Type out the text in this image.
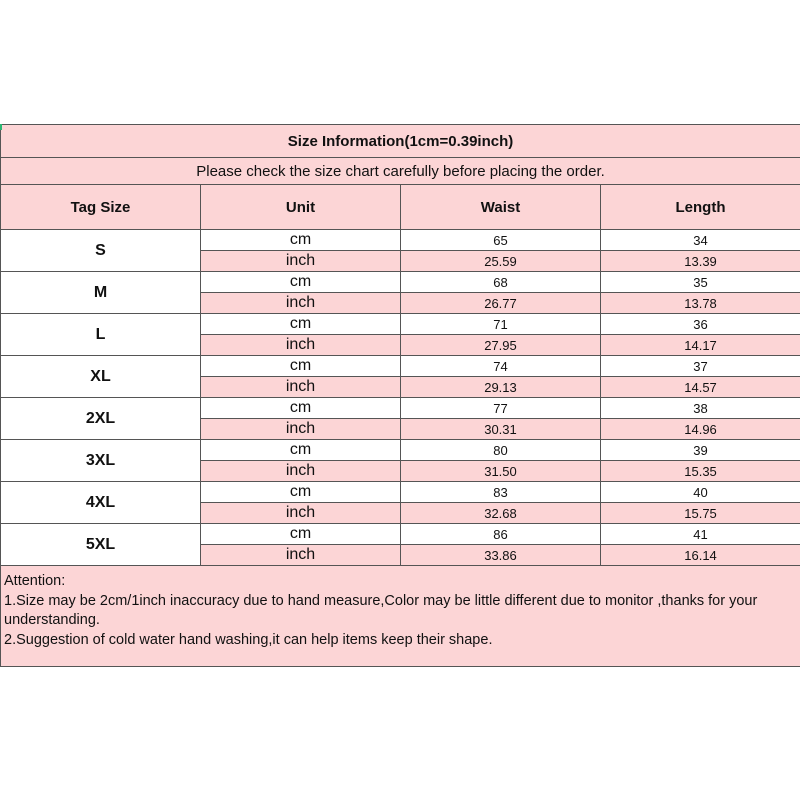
Size Information(1cm=0.39inch)			
Please check the size chart carefully before placing the order.			
Tag Size	Unit	Waist	Length
S	cm	65	34
	inch	25.59	13.39
M	cm	68	35
	inch	26.77	13.78
L	cm	71	36
	inch	27.95	14.17
XL	cm	74	37
	inch	29.13	14.57
2XL	cm	77	38
	inch	30.31	14.96
3XL	cm	80	39
	inch	31.50	15.35
4XL	cm	83	40
	inch	32.68	15.75
5XL	cm	86	41
	inch	33.86	16.14

Attention:
1.Size may be 2cm/1inch inaccuracy due to hand measure,Color may be little different due to monitor ,thanks for your understanding.
2.Suggestion of cold water hand washing,it can help items keep their shape.			
